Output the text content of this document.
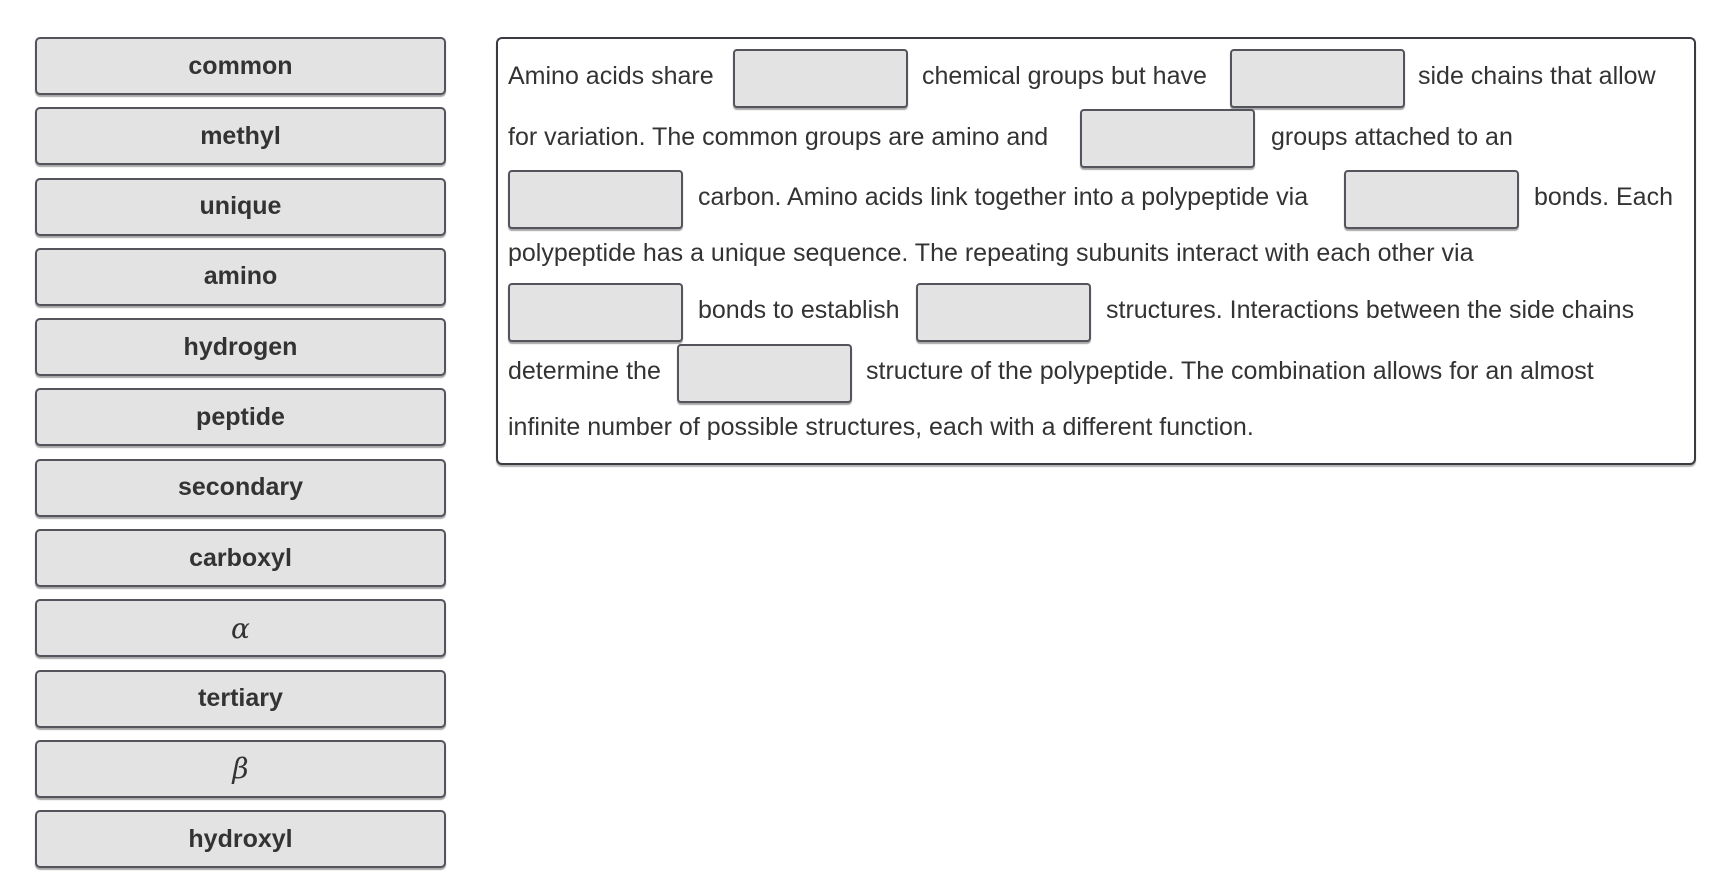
common
methyl
unique
amino
hydrogen
peptide
secondary
carboxyl
α
tertiary
β
hydroxyl
Amino acids share	chemical groups but have	side chains that allow
for variation. The common groups are amino and	groups attached to an
carbon. Amino acids link together into a polypeptide via	bonds. Each
polypeptide has a unique sequence. The repeating subunits interact with each other via
bonds to establish	structures. Interactions between the side chains
determine the	structure of the polypeptide. The combination allows for an almost
infinite number of possible structures, each with a different function.
